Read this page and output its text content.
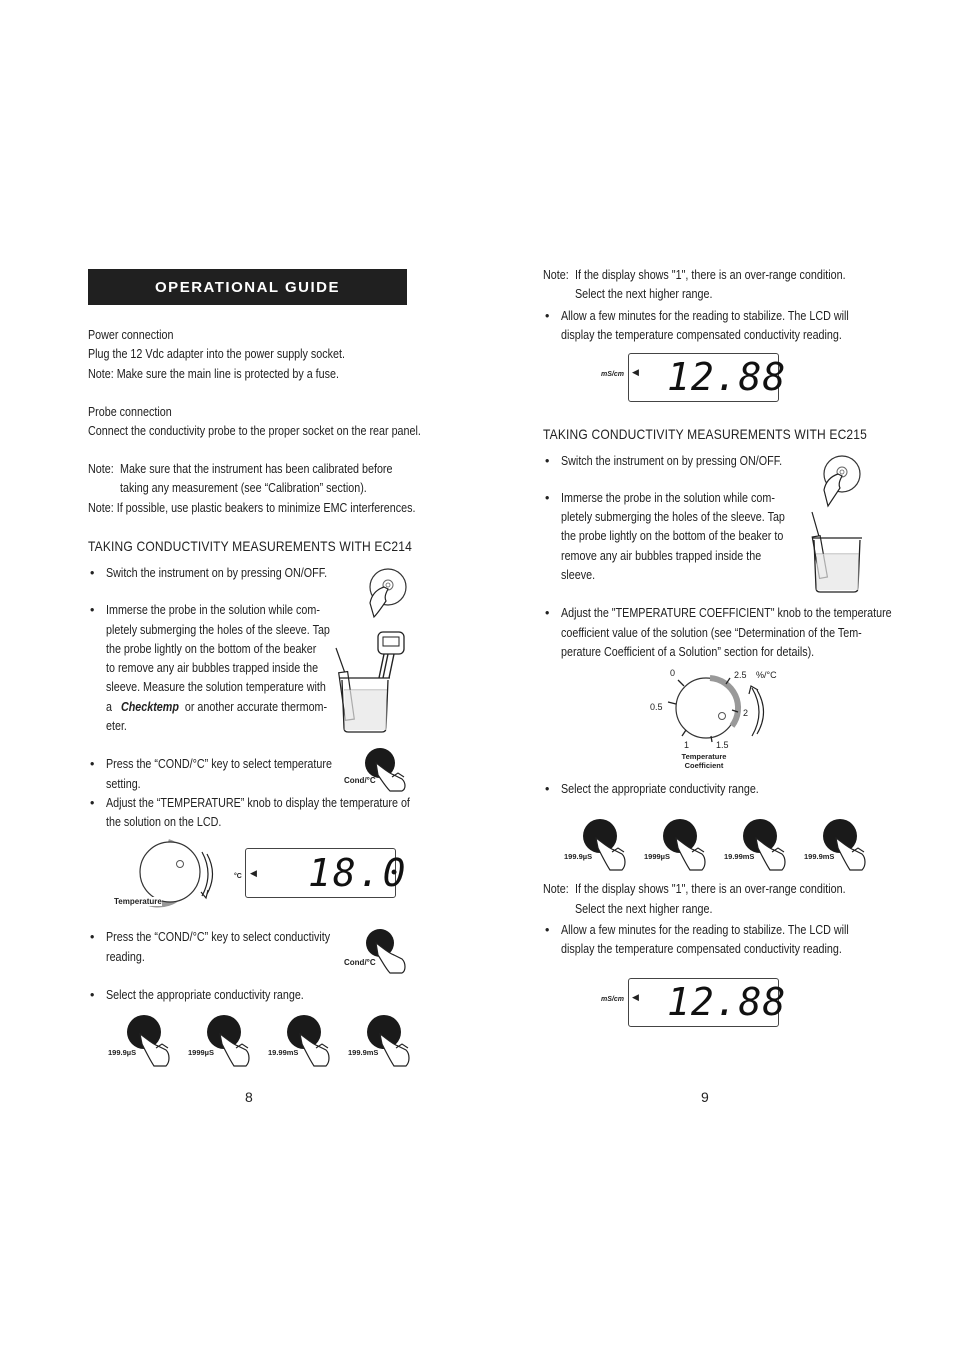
OPERATIONAL GUIDE
Power connection
Plug the 12 Vdc adapter into the power supply socket.
Note: Make sure the main line is protected by a fuse.
Probe connection
Connect the conductivity probe to the proper socket on the rear panel.
Note: Make sure that the instrument has been calibrated before
taking any measurement (see “Calibration” section).
Note: If possible, use plastic beakers to minimize EMC interferences.
TAKING CONDUCTIVITY MEASUREMENTS WITH EC214
• Switch the instrument on by pressing ON/OFF.
• Immerse the probe in the solution while com-
pletely submerging the holes of the sleeve. Tap
the probe lightly on the bottom of the beaker
to remove any air bubbles trapped inside the
sleeve. Measure the solution temperature with
a Checktemp or another accurate thermom-
eter.
• Press the “COND/°C” key to select temperature
setting.
• Adjust the “TEMPERATURE” knob to display the temperature of
the solution on the LCD.
• Press the “COND/°C” key to select conductivity
reading.
• Select the appropriate conductivity range.
8
Cond/°C
Temperature
°C ◀ 18.0
Cond/°C
199.9µS	1999µS	19.99mS	199.9mS
Note: If the display shows "1", there is an over-range condition.
Select the next higher range.
• Allow a few minutes for the reading to stabilize. The LCD will
display the temperature compensated conductivity reading.
mS/cm ◀ 12.88
TAKING CONDUCTIVITY MEASUREMENTS WITH EC215
• Switch the instrument on by pressing ON/OFF.
• Immerse the probe in the solution while com-
pletely submerging the holes of the sleeve. Tap
the probe lightly on the bottom of the beaker to
remove any air bubbles trapped inside the
sleeve.
• Adjust the "TEMPERATURE COEFFICIENT" knob to the temperature
coefficient value of the solution (see “Determination of the Tem-
perature Coefficient of a Solution” section for details).
• Select the appropriate conductivity range.
Note: If the display shows "1", there is an over-range condition.
Select the next higher range.
• Allow a few minutes for the reading to stabilize. The LCD will
display the temperature compensated conductivity reading.
mS/cm ◀ 12.88
9
0
0.5
1	1.5
2
2.5 %/°C
Temperature
Coefficient
199.9µS	1999µS	19.99mS	199.9mS
